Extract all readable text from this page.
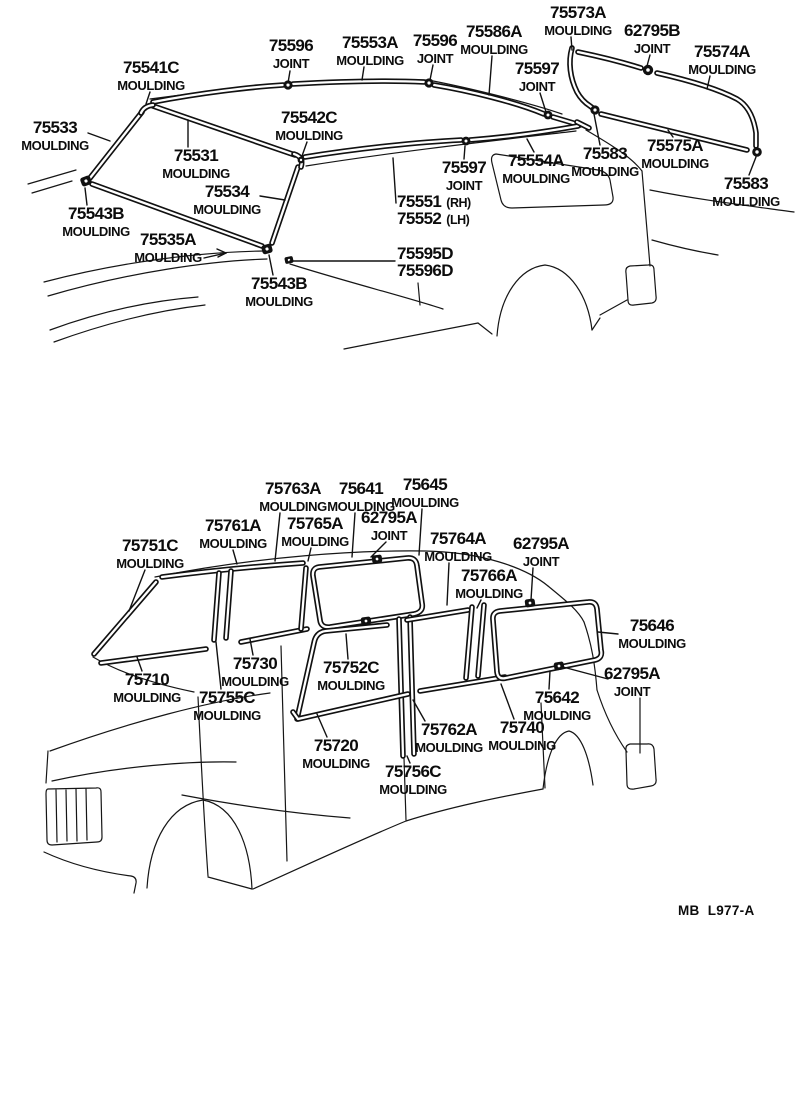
75596
JOINT
75553A
MOULDING
75596
JOINT
75586A
MOULDING
75573A
MOULDING 62795B
JOINT	75574A
MOULDING
75597
JOINT
75541C
MOULDING
75533
MOULDING
75542C
MOULDING
75531
MOULDING	75597
JOINT
75554A
MOULDING
75583
MOULDING
75575A
MOULDING
75583
MOULDING
75534
MOULDING	75551 (RH)
75552 (LH)
75543B
MOULDING 75535A
MOULDING	75595D
75596D
75543B
MOULDING
75763A
MOULDING
75641
MOULDING
75645
MOULDING
75761A
MOULDING
75765A
MOULDING
62795A
JOINT	75764A
MOULDING
62795A
JOINT
75751C
MOULDING
75766A
MOULDING
75646
MOULDING
75730
MOULDING
75752C
MOULDING
62795A
JOINT
75710
MOULDING	75755C
MOULDING
75642
MOULDING
75762A
MOULDING
75740
MOULDING
75720
MOULDING 75756C
MOULDING
MB  L977-A
